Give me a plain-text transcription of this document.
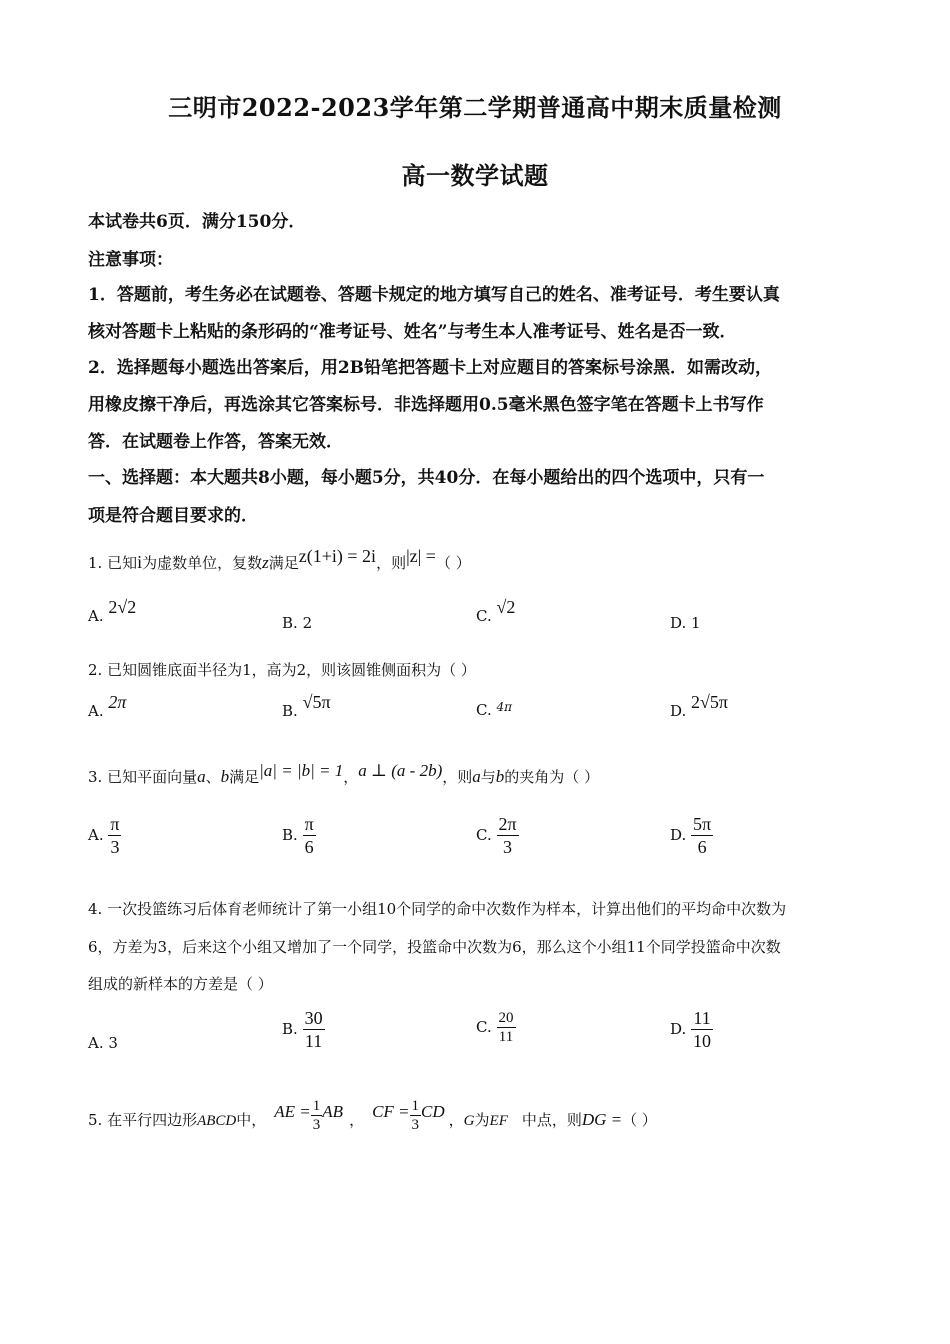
三明市2022-2023学年第二学期普通高中期末质量检测
高一数学试题
本试卷共6页．满分150分．
注意事项：
1．答题前，考生务必在试题卷、答题卡规定的地方填写自己的姓名、准考证号．考生要认真
核对答题卡上粘贴的条形码的“准考证号、姓名”与考生本人准考证号、姓名是否一致．
2．选择题每小题选出答案后，用2B铅笔把答题卡上对应题目的答案标号涂黑．如需改动，
用橡皮擦干净后，再选涂其它答案标号．非选择题用0.5毫米黑色签字笔在答题卡上书写作
答．在试题卷上作答，答案无效．
一、选择题：本大题共8小题，每小题5分，共40分．在每小题给出的四个选项中，只有一
项是符合题目要求的．
1. 已知i为虚数单位，复数z满足z(1+i) = 2i，则|z| =（ ）
A. 2√2
B. 2	C. √2
D. 1
2. 已知圆锥底面半径为1，高为2，则该圆锥侧面积为（ ）
A. 2π	B. √5π	C. $^{4\pi}$	D. 2√5π
3. 已知平面向量a、b满足|a| = |b| = 1，a ⊥ (a - 2b)，则a与b的夹角为（ ）
A. $\frac{\pi}{3}$	B. $\frac{\pi}{6}$	C. $\frac{2\pi}{3}$	D. $\frac{5\pi}{6}$
4. 一次投篮练习后体育老师统计了第一小组10个同学的命中次数作为样本，计算出他们的平均命中次数为
6，方差为3，后来这个小组又增加了一个同学，投篮命中次数为6，那么这个小组11个同学投篮命中次数
组成的新样本的方差是（ ）
A. 3
B. $\frac{30}{11}$	C. $\frac{20}{11}$	D. $\frac{11}{10}$
5. 在平行四边形ABCD中， AE = $\frac{1}{3}$ AB ， CF = $\frac{1}{3}$ CD ，G为EF 中点，则DG =（ ）
